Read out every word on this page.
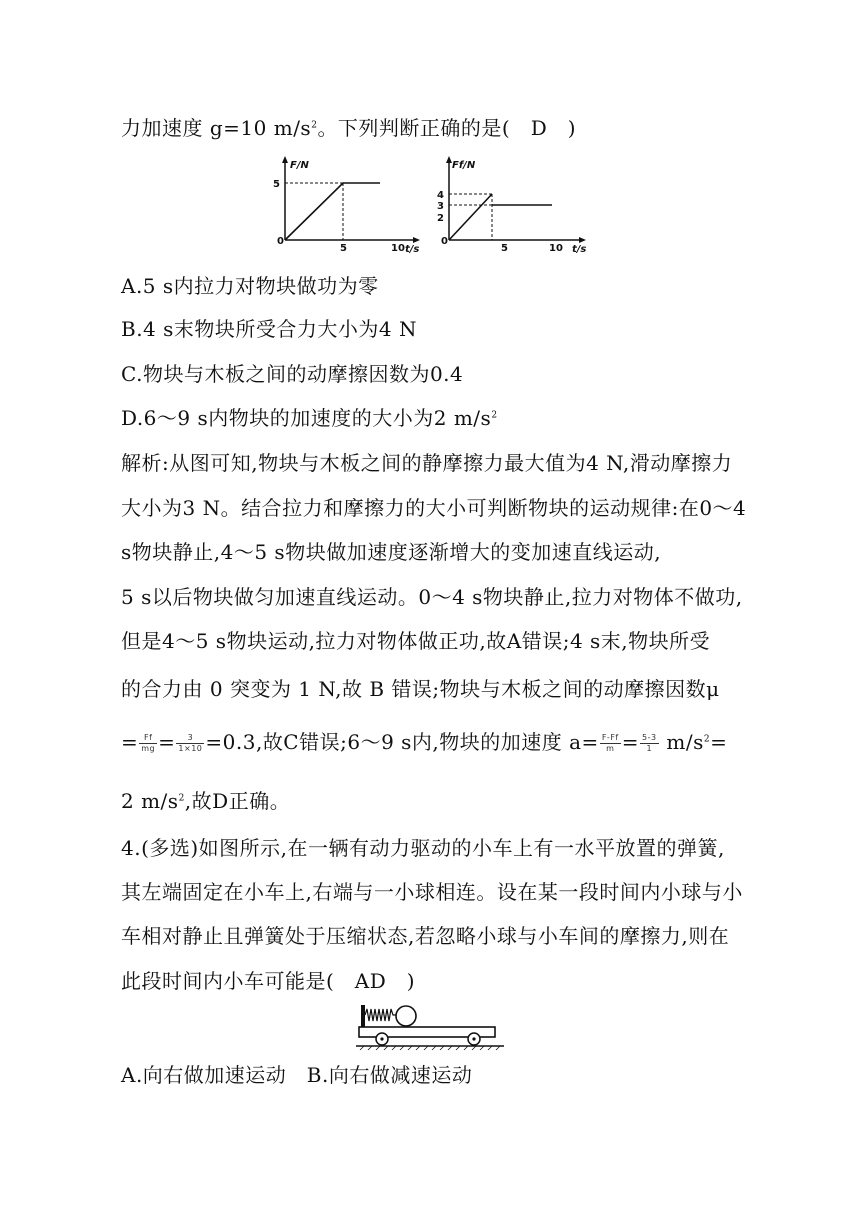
力加速度 g=10 $m/s^2$。下列判断正确的是(　D　)
F/N
5
0
5	10 t/s
Ff/N
4
3
2
0
5	10 t/s
A.5 s内拉力对物块做功为零
B.4 s末物块所受合力大小为4 N
C.物块与木板之间的动摩擦因数为0.4
D.6～9 s内物块的加速度的大小为2 $m/s^2$
解析:从图可知,物块与木板之间的静摩擦力最大值为4 N,滑动摩擦力
大小为3 N。结合拉力和摩擦力的大小可判断物块的运动规律:在0～4
s物块静止,4～5 s物块做加速度逐渐增大的变加速直线运动,
5 s以后物块做匀加速直线运动。0～4 s物块静止,拉力对物体不做功,
但是4～5 s物块运动,拉力对物体做正功,故A错误;4 s末,物块所受
的合力由 0 突变为 1 N,故 B 错误;物块与木板之间的动摩擦因数μ
= $\frac{Ff}{mg} = \frac{3}{1\times 10} =0.3$,故C错误;6～9 s内,物块的加速度 $a= \frac{F-Ff}{m} = \frac{5-3}{1} m/s^2=$
2 $m/s^2$,故D正确。
4.(多选)如图所示,在一辆有动力驱动的小车上有一水平放置的弹簧,
其左端固定在小车上,右端与一小球相连。设在某一段时间内小球与小
车相对静止且弹簧处于压缩状态,若忽略小球与小车间的摩擦力,则在
此段时间内小车可能是(　AD　)
A.向右做加速运动　B.向右做减速运动
